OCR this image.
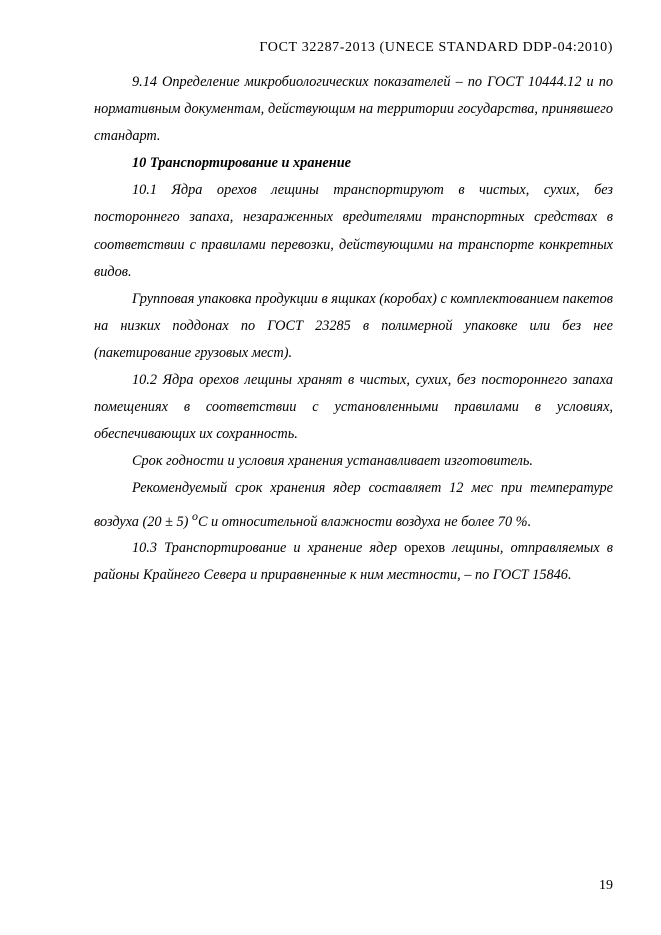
ГОСТ 32287-2013 (UNECE STANDARD DDP-04:2010)

9.14 Определение микробиологических показателей – по ГОСТ 10444.12 и по нормативным документам, действующим на территории государства, принявшего стандарт.

10 Транспортирование и хранение

10.1 Ядра орехов лещины транспортируют в чистых, сухих, без постороннего запаха, незараженных вредителями транспортных средствах в соответствии с правилами перевозки, действующими на транспорте конкретных видов.

Групповая упаковка продукции в ящиках (коробах) с комплектованием пакетов на низких поддонах по ГОСТ 23285 в полимерной упаковке или без нее (пакетирование грузовых мест).

10.2 Ядра орехов лещины хранят в чистых, сухих, без постороннего запаха помещениях в соответствии с установленными правилами в условиях, обеспечивающих их сохранность.

Срок годности и условия хранения устанавливает изготовитель.

Рекомендуемый срок хранения ядер составляет 12 мес при температуре воздуха (20 ± 5) $^о$С и относительной влажности воздуха не более 70 %.

10.3 Транспортирование и хранение ядер орехов лещины, отправляемых в районы Крайнего Севера и приравненные к ним местности, – по ГОСТ 15846.

19
